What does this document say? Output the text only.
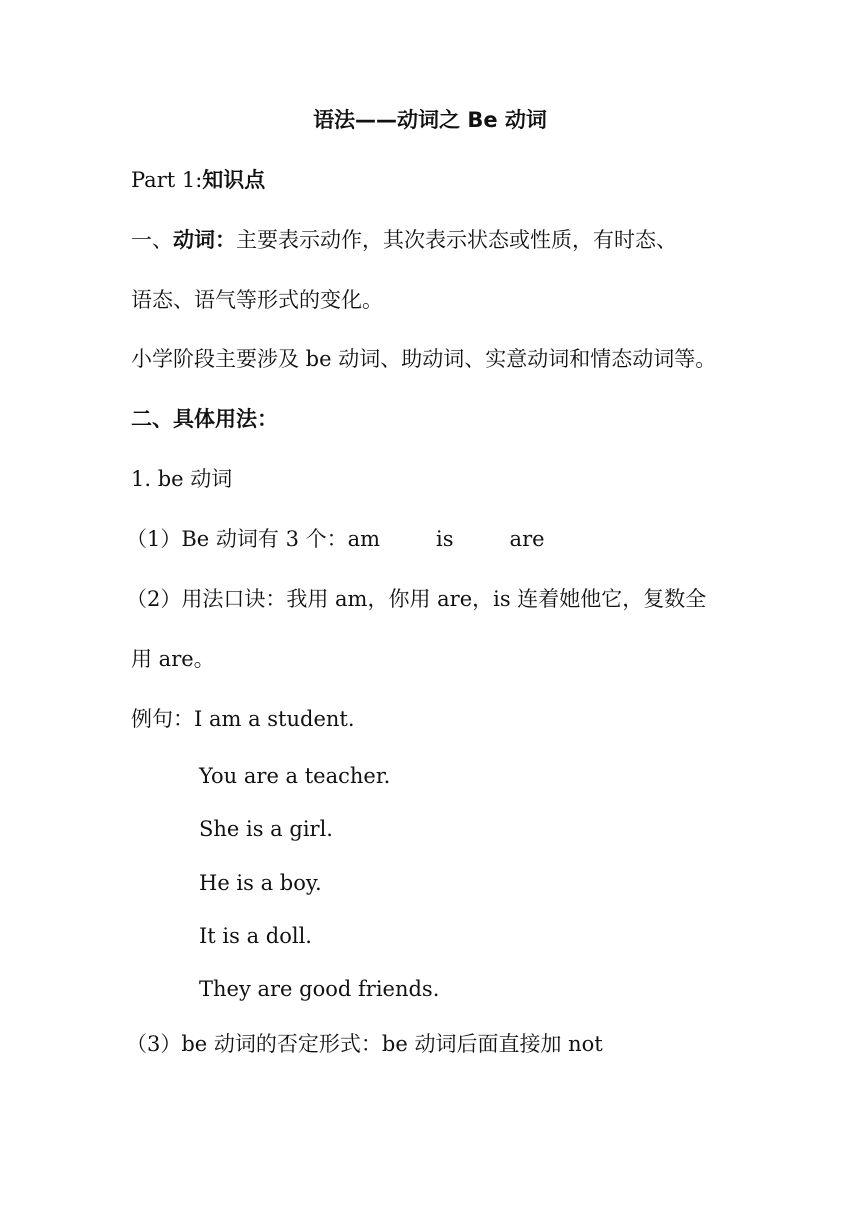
语法——动词之 Be 动词
Part 1:知识点
一、动词：主要表示动作，其次表示状态或性质，有时态、
语态、语气等形式的变化。
小学阶段主要涉及 be 动词、助动词、实意动词和情态动词等。
二、具体用法：
1. be 动词
（1）Be 动词有 3 个：am	is	are
（2）用法口诀：我用 am，你用 are，is 连着她他它，复数全
用 are。
例句：I am a student.
You are a teacher.
She is a girl.
He is a boy.
It is a doll.
They are good friends.
（3）be 动词的否定形式：be 动词后面直接加 not
